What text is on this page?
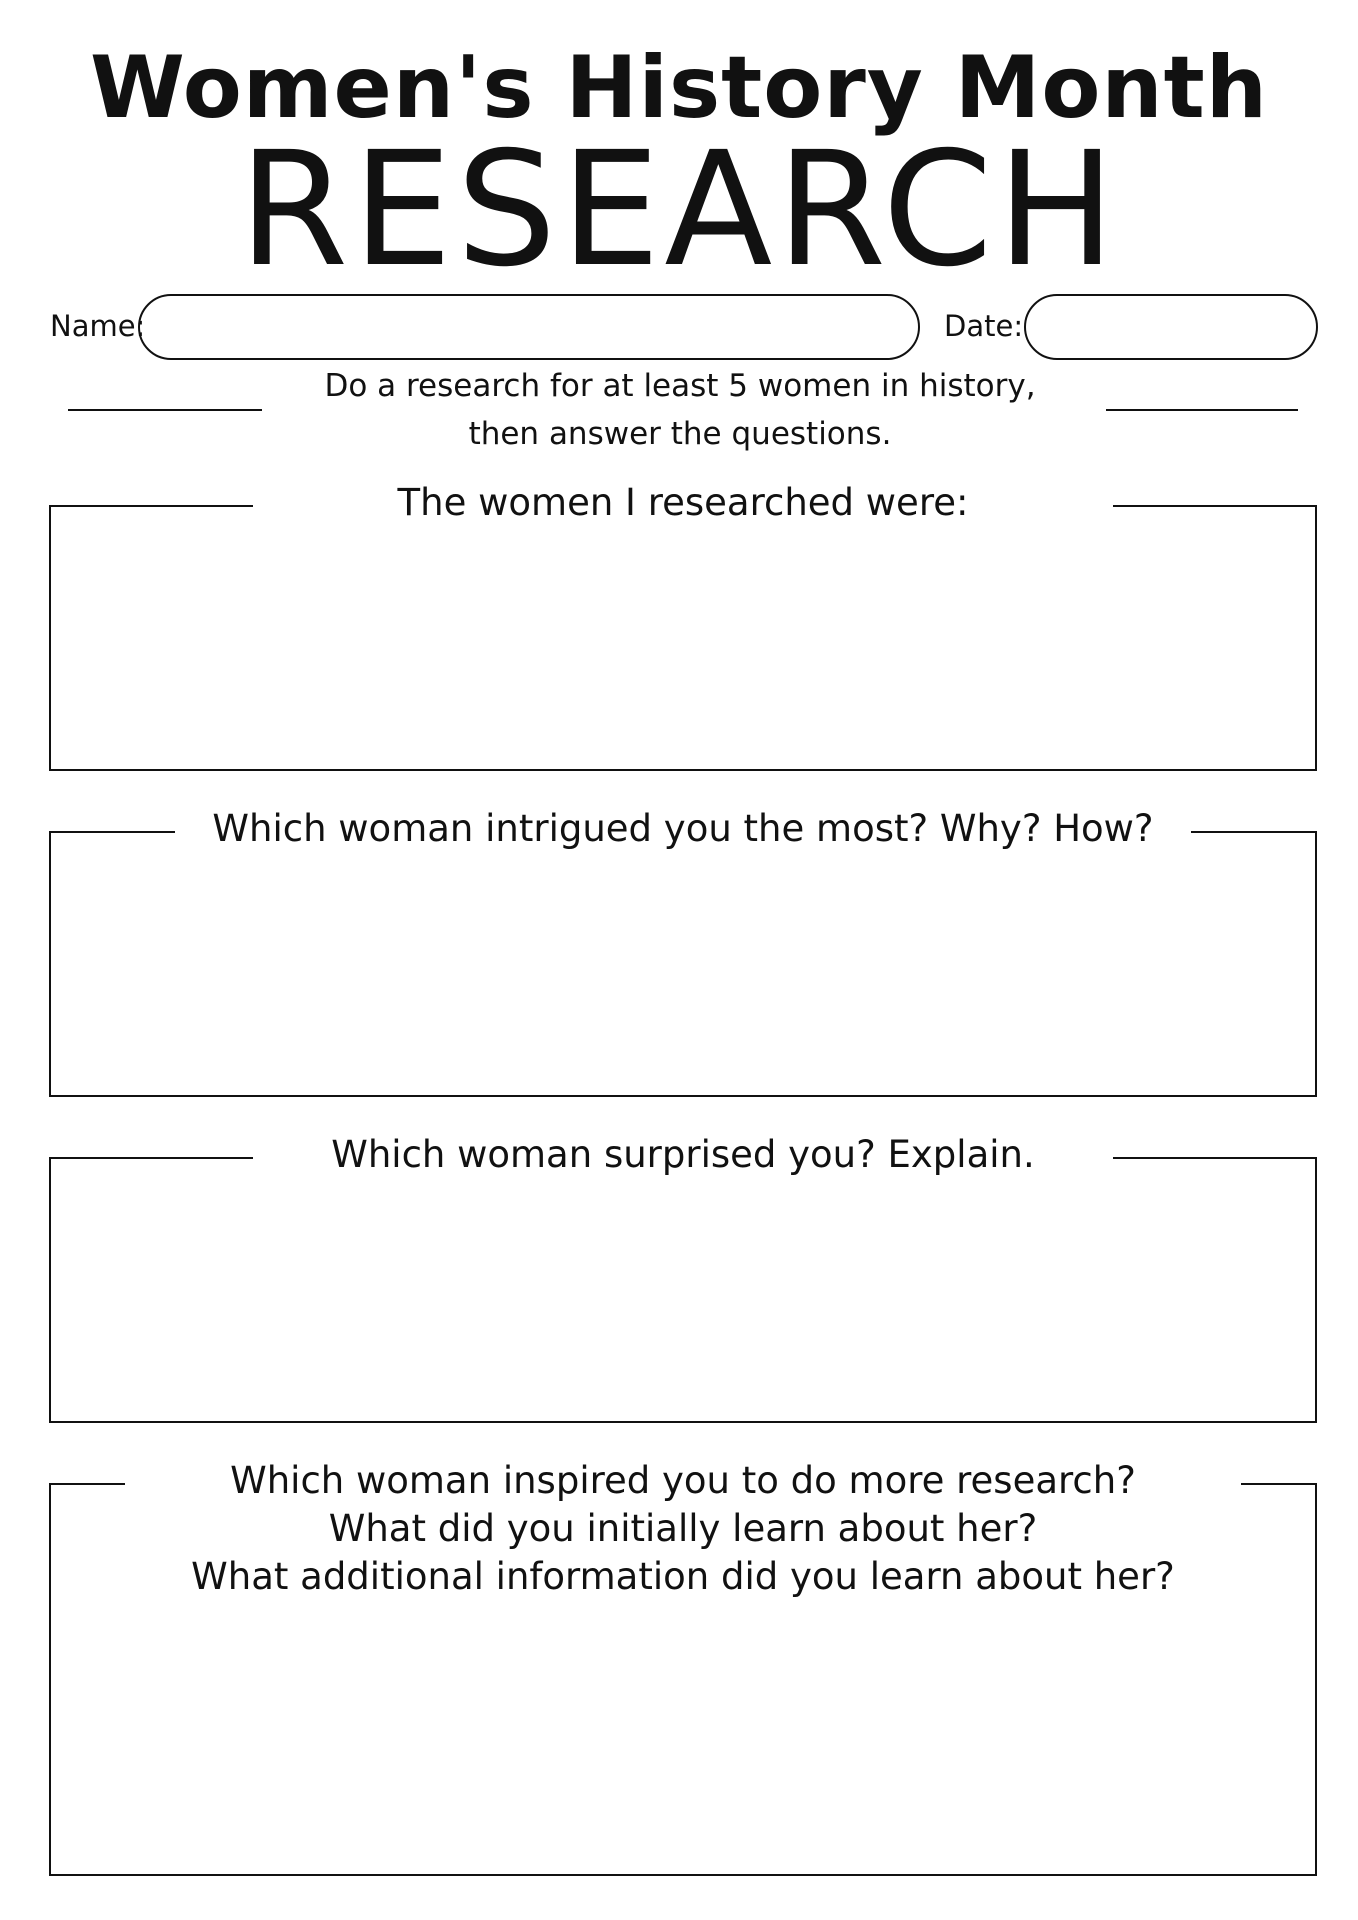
Women's History Month
RESEARCH
Name:	Date:
Do a research for at least 5 women in history,
then answer the questions.
The women I researched were:
Which woman intrigued you the most? Why? How?
Which woman surprised you? Explain.
Which woman inspired you to do more research?
What did you initially learn about her?
What additional information did you learn about her?
